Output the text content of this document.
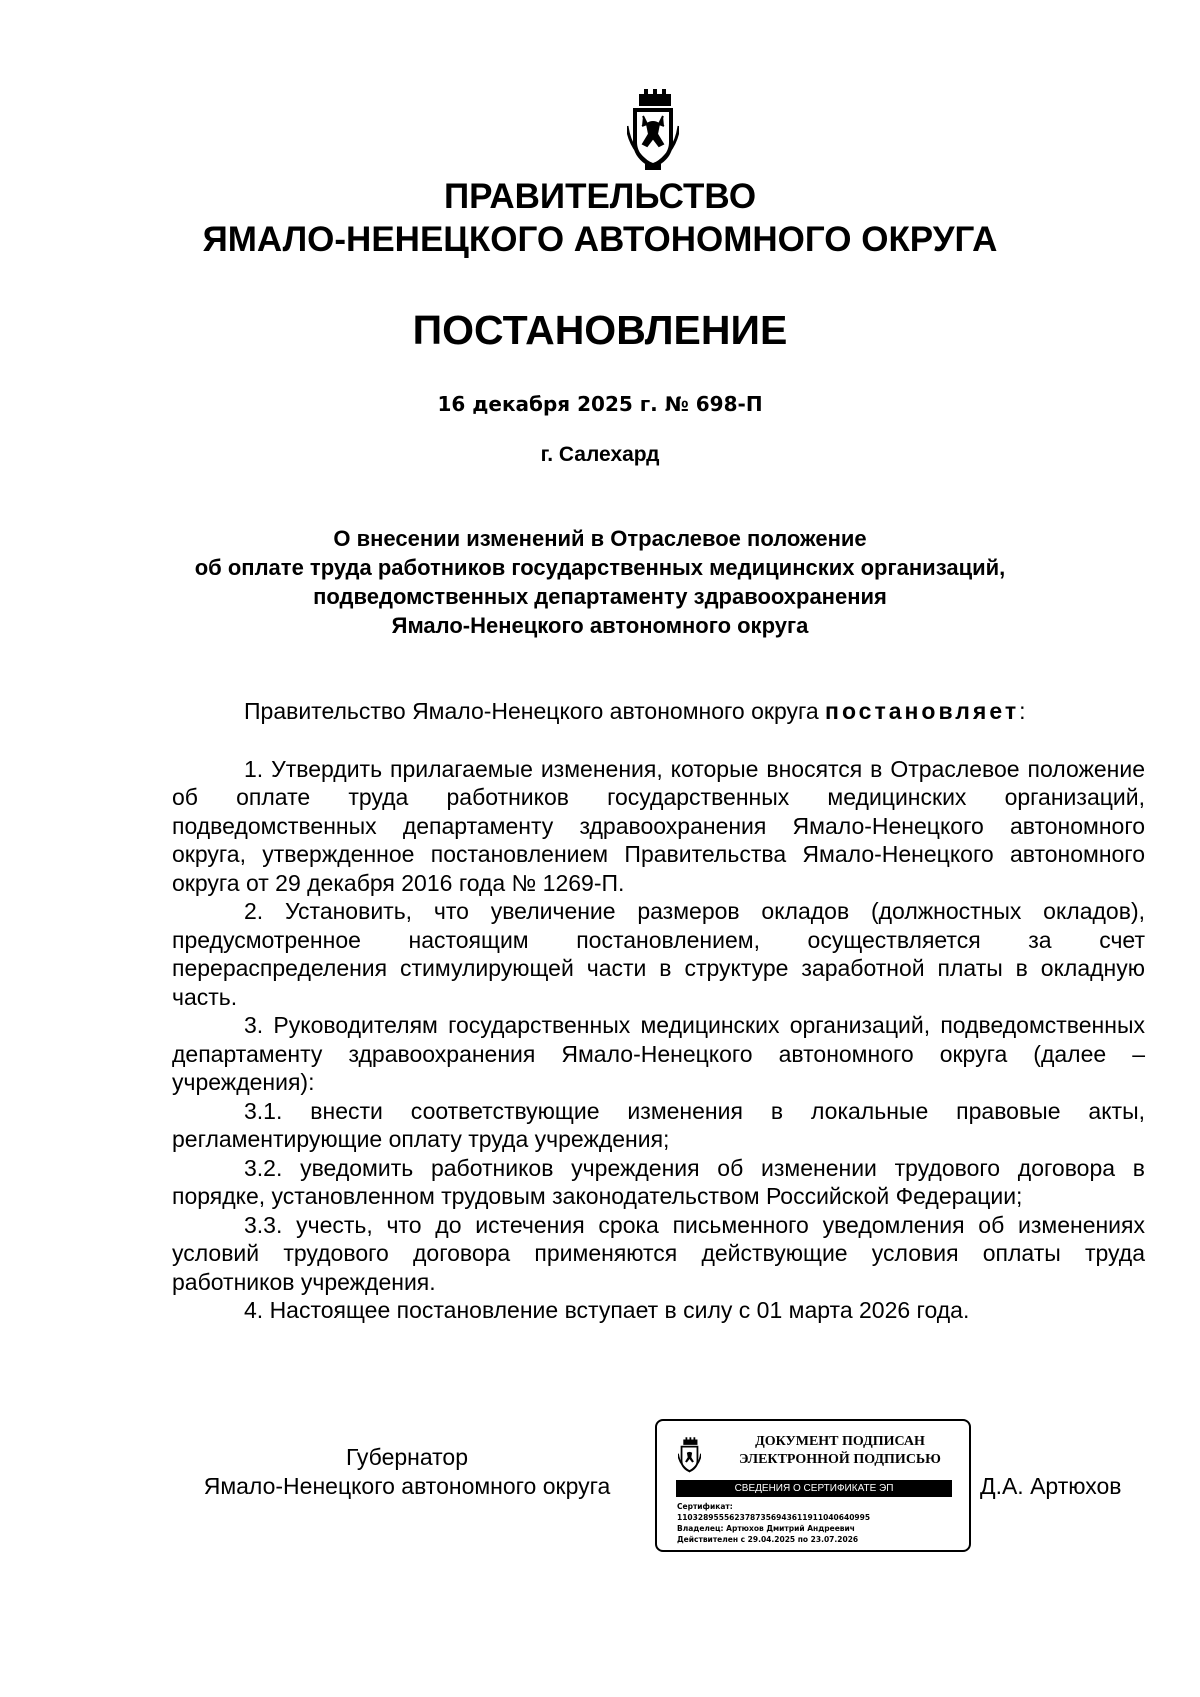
ПРАВИТЕЛЬСТВО
ЯМАЛО-НЕНЕЦКОГО АВТОНОМНОГО ОКРУГА
ПОСТАНОВЛЕНИЕ
16 декабря 2025 г. № 698-П
г. Салехард
О внесении изменений в Отраслевое положение
об оплате труда работников государственных медицинских организаций,
подведомственных департаменту здравоохранения
Ямало-Ненецкого автономного округа

Правительство Ямало-Ненецкого автономного округа постановляет:

1. Утвердить прилагаемые изменения, которые вносятся в Отраслевое положение об оплате труда работников государственных медицинских организаций, подведомственных департаменту здравоохранения Ямало-Ненецкого автономного округа, утвержденное постановлением Правительства Ямало-Ненецкого автономного округа от 29 декабря 2016 года № 1269-П.

2. Установить, что увеличение размеров окладов (должностных окладов), предусмотренное настоящим постановлением, осуществляется за счет перераспределения стимулирующей части в структуре заработной платы в окладную часть.

3. Руководителям государственных медицинских организаций, подведомственных департаменту здравоохранения Ямало-Ненецкого автономного округа (далее – учреждения):

3.1. внести соответствующие изменения в локальные правовые акты, регламентирующие оплату труда учреждения;

3.2. уведомить работников учреждения об изменении трудового договора в порядке, установленном трудовым законодательством Российской Федерации;

3.3. учесть, что до истечения срока письменного уведомления об изменениях условий трудового договора применяются действующие условия оплаты труда работников учреждения.

4. Настоящее постановление вступает в силу с 01 марта 2026 года.

Губернатор
Ямало-Ненецкого автономного округа
ДОКУМЕНТ ПОДПИСАН
ЭЛЕКТРОННОЙ ПОДПИСЬЮ
СВЕДЕНИЯ О СЕРТИФИКАТЕ ЭП
Сертификат:
1103289555623787356943611911040640995
Владелец: Артюхов Дмитрий Андреевич
Действителен с 29.04.2025 по 23.07.2026
Д.А. Артюхов
